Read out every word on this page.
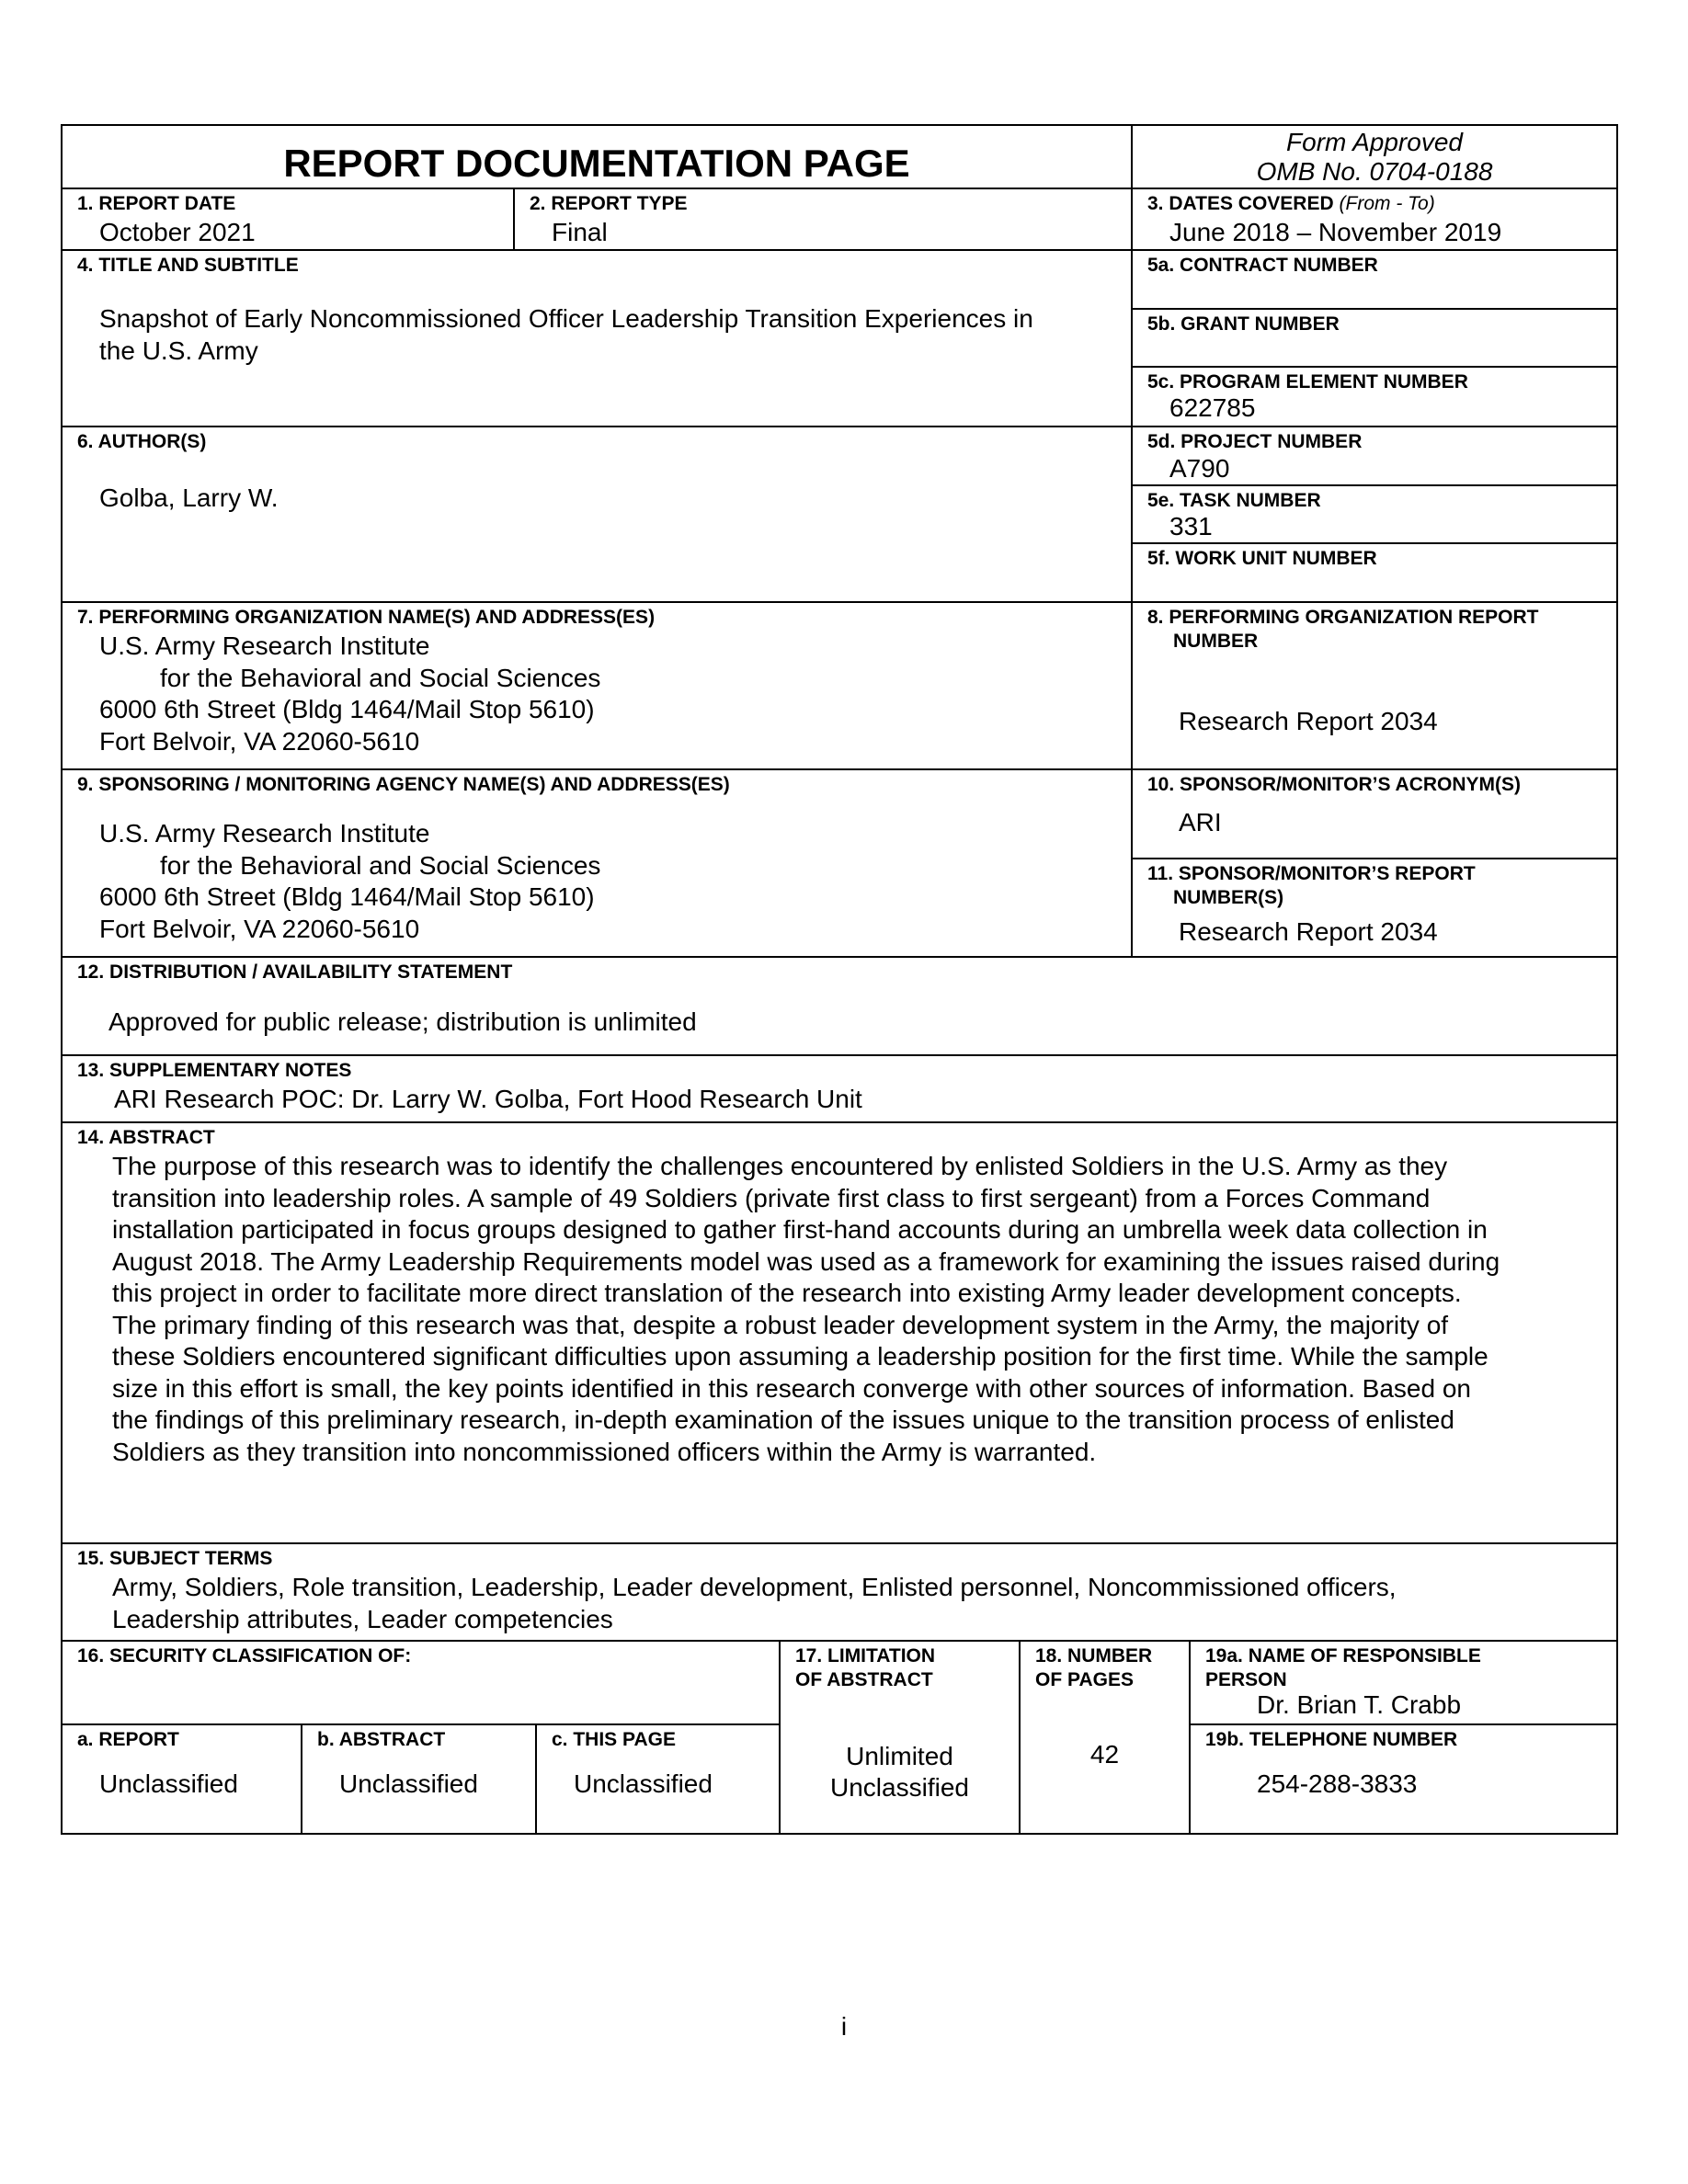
REPORT DOCUMENTATION PAGE	Form Approved
OMB No. 0704-0188
1. REPORT DATE
October 2021
2. REPORT TYPE
Final
3. DATES COVERED (From - To)
June 2018 – November 2019
4. TITLE AND SUBTITLE
Snapshot of Early Noncommissioned Officer Leadership Transition Experiences in
the U.S. Army
5a. CONTRACT NUMBER
5b. GRANT NUMBER
5c. PROGRAM ELEMENT NUMBER
622785
6. AUTHOR(S)
Golba, Larry W.
5d. PROJECT NUMBER
A790
5e. TASK NUMBER
331
5f. WORK UNIT NUMBER
7. PERFORMING ORGANIZATION NAME(S) AND ADDRESS(ES)
U.S. Army Research Institute
for the Behavioral and Social Sciences
6000 6th Street (Bldg 1464/Mail Stop 5610)
Fort Belvoir, VA 22060-5610
8. PERFORMING ORGANIZATION REPORT
NUMBER
Research Report 2034
9. SPONSORING / MONITORING AGENCY NAME(S) AND ADDRESS(ES)
U.S. Army Research Institute
for the Behavioral and Social Sciences
6000 6th Street (Bldg 1464/Mail Stop 5610)
Fort Belvoir, VA 22060-5610
10. SPONSOR/MONITOR’S ACRONYM(S)
ARI
11. SPONSOR/MONITOR’S REPORT
NUMBER(S)
Research Report 2034
12. DISTRIBUTION / AVAILABILITY STATEMENT
Approved for public release; distribution is unlimited
13. SUPPLEMENTARY NOTES
ARI Research POC: Dr. Larry W. Golba, Fort Hood Research Unit
14. ABSTRACT
The purpose of this research was to identify the challenges encountered by enlisted Soldiers in the U.S. Army as they
transition into leadership roles. A sample of 49 Soldiers (private first class to first sergeant) from a Forces Command
installation participated in focus groups designed to gather first-hand accounts during an umbrella week data collection in
August 2018. The Army Leadership Requirements model was used as a framework for examining the issues raised during
this project in order to facilitate more direct translation of the research into existing Army leader development concepts.
The primary finding of this research was that, despite a robust leader development system in the Army, the majority of
these Soldiers encountered significant difficulties upon assuming a leadership position for the first time. While the sample
size in this effort is small, the key points identified in this research converge with other sources of information. Based on
the findings of this preliminary research, in-depth examination of the issues unique to the transition process of enlisted
Soldiers as they transition into noncommissioned officers within the Army is warranted.
15. SUBJECT TERMS
Army, Soldiers, Role transition, Leadership, Leader development, Enlisted personnel, Noncommissioned officers,
Leadership attributes, Leader competencies
16. SECURITY CLASSIFICATION OF:	17. LIMITATION
OF ABSTRACT
Unlimited
Unclassified
18. NUMBER
OF PAGES
42
19a. NAME OF RESPONSIBLE
PERSON
Dr. Brian T. Crabb
a. REPORT
Unclassified
b. ABSTRACT
Unclassified
c. THIS PAGE
Unclassified
19b. TELEPHONE NUMBER
254-288-3833
i
